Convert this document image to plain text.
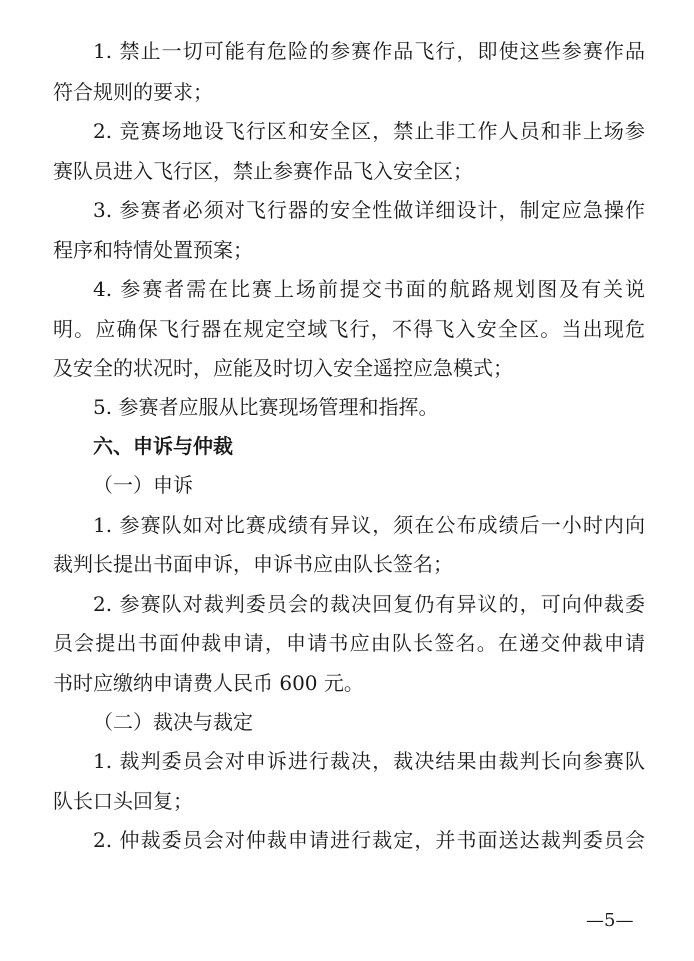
1. 禁止一切可能有危险的参赛作品飞行，即使这些参赛作品
符合规则的要求；
2. 竞赛场地设飞行区和安全区，禁止非工作人员和非上场参
赛队员进入飞行区，禁止参赛作品飞入安全区；
3. 参赛者必须对飞行器的安全性做详细设计，制定应急操作
程序和特情处置预案；
4. 参赛者需在比赛上场前提交书面的航路规划图及有关说
明。应确保飞行器在规定空域飞行，不得飞入安全区。当出现危
及安全的状况时，应能及时切入安全遥控应急模式；
5. 参赛者应服从比赛现场管理和指挥。
六、申诉与仲裁
（一）申诉
1. 参赛队如对比赛成绩有异议，须在公布成绩后一小时内向
裁判长提出书面申诉，申诉书应由队长签名；
2. 参赛队对裁判委员会的裁决回复仍有异议的，可向仲裁委
员会提出书面仲裁申请，申请书应由队长签名。在递交仲裁申请
书时应缴纳申请费人民币 600 元。
（二）裁决与裁定
1. 裁判委员会对申诉进行裁决，裁决结果由裁判长向参赛队
队长口头回复；
2. 仲裁委员会对仲裁申请进行裁定，并书面送达裁判委员会
—5—
